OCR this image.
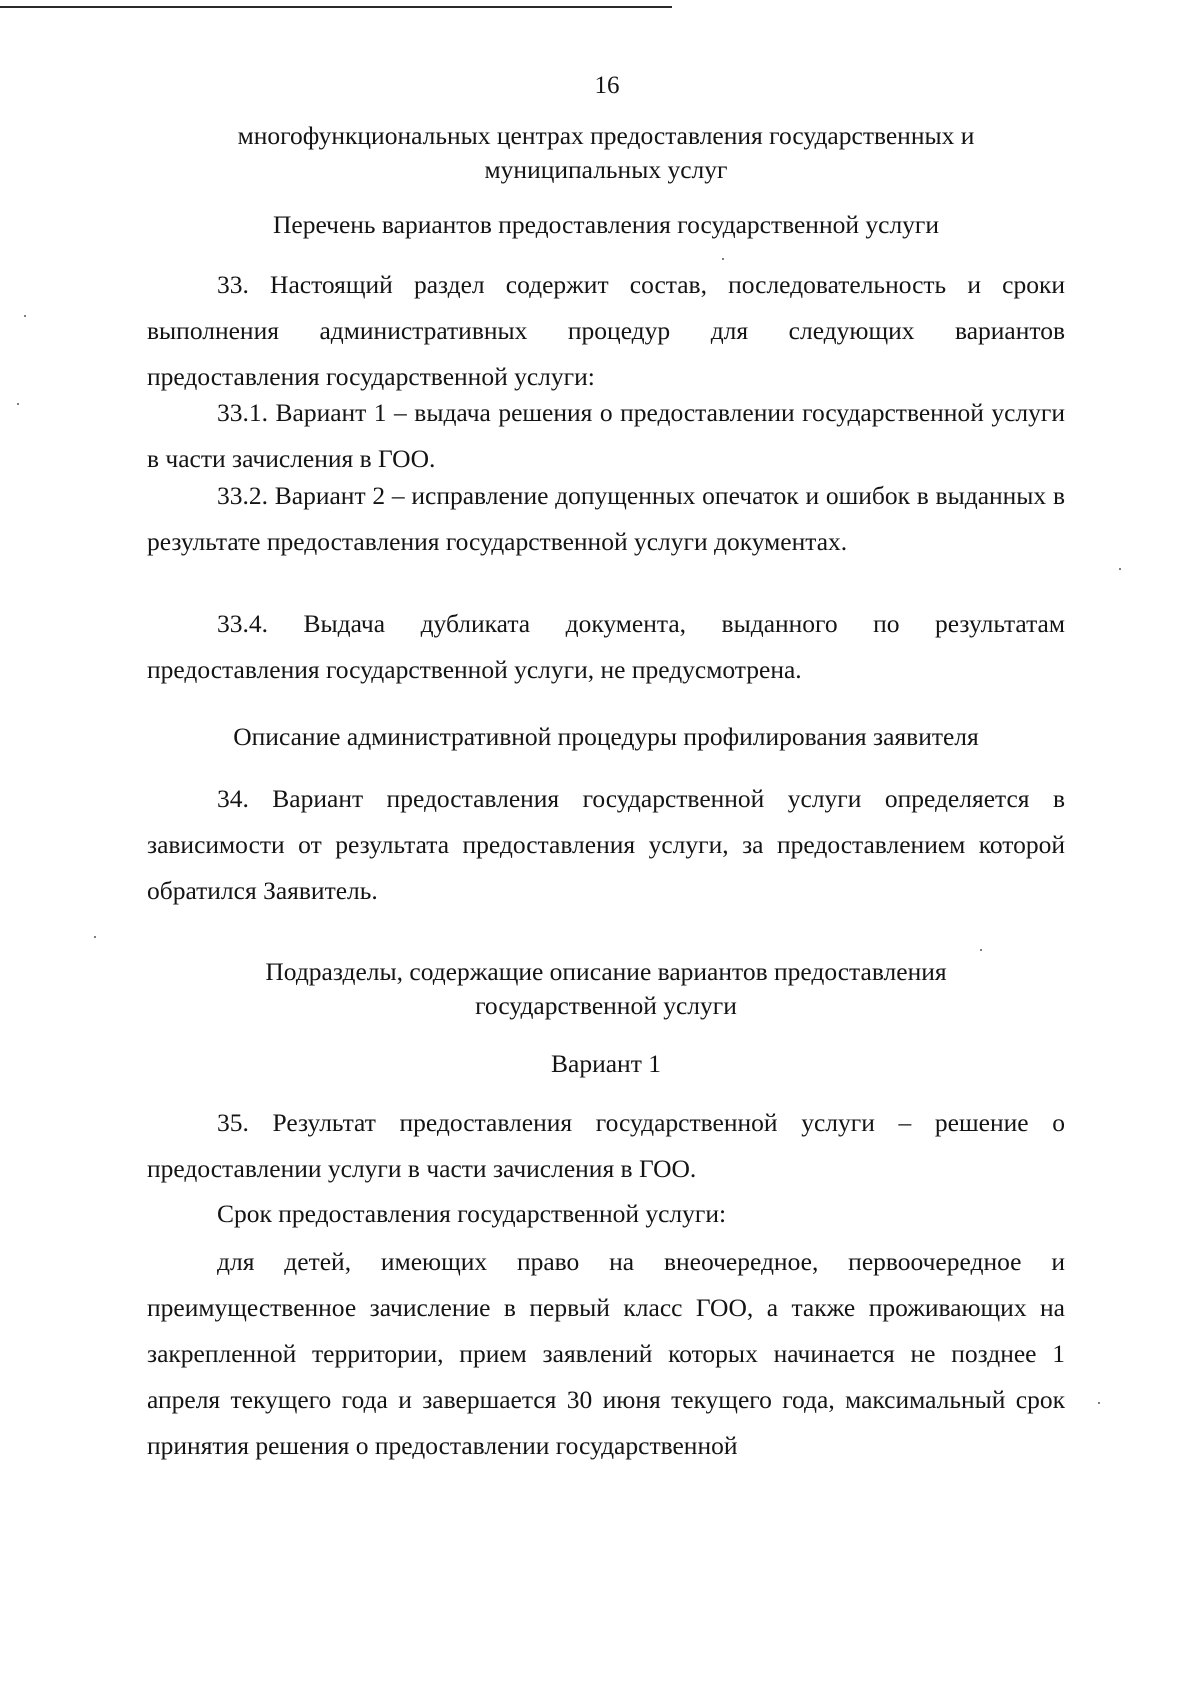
16
многофункциональных центрах предоставления государственных и
муниципальных услуг
Перечень вариантов предоставления государственной услуги
33. Настоящий раздел содержит состав, последовательность и сроки выполнения административных процедур для следующих вариантов предоставления государственной услуги:
33.1. Вариант 1 – выдача решения о предоставлении государственной услуги в части зачисления в ГОО.
33.2. Вариант 2 – исправление допущенных опечаток и ошибок в выданных в результате предоставления государственной услуги документах.
33.4. Выдача дубликата документа, выданного по результатам предоставления государственной услуги, не предусмотрена.
Описание административной процедуры профилирования заявителя
34. Вариант предоставления государственной услуги определяется в зависимости от результата предоставления услуги, за предоставлением которой обратился Заявитель.
Подразделы, содержащие описание вариантов предоставления
государственной услуги
Вариант 1
35. Результат предоставления государственной услуги – решение о предоставлении услуги в части зачисления в ГОО.
Срок предоставления государственной услуги:
для детей, имеющих право на внеочередное, первоочередное и преимущественное зачисление в первый класс ГОО, а также проживающих на закрепленной территории, прием заявлений которых начинается не позднее 1 апреля текущего года и завершается 30 июня текущего года, максимальный срок принятия решения о предоставлении государственной
